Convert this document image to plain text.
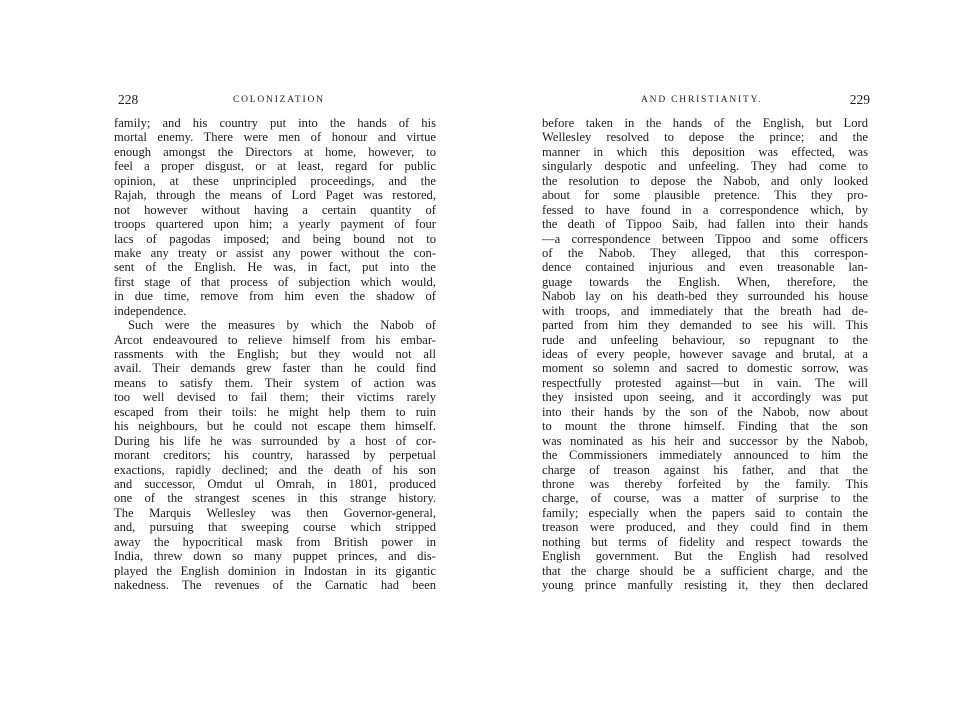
228	COLONIZATION
family; and his country put into the hands of his
mortal enemy. There were men of honour and virtue
enough amongst the Directors at home, however, to
feel a proper disgust, or at least, regard for public
opinion, at these unprincipled proceedings, and the
Rajah, through the means of Lord Paget was restored,
not however without having a certain quantity of
troops quartered upon him; a yearly payment of four
lacs of pagodas imposed; and being bound not to
make any treaty or assist any power without the con-
sent of the English. He was, in fact, put into the
first stage of that process of subjection which would,
in due time, remove from him even the shadow of
independence.
Such were the measures by which the Nabob of
Arcot endeavoured to relieve himself from his embar-
rassments with the English; but they would not all
avail. Their demands grew faster than he could find
means to satisfy them. Their system of action was
too well devised to fail them; their victims rarely
escaped from their toils: he might help them to ruin
his neighbours, but he could not escape them himself.
During his life he was surrounded by a host of cor-
morant creditors; his country, harassed by perpetual
exactions, rapidly declined; and the death of his son
and successor, Omdut ul Omrah, in 1801, produced
one of the strangest scenes in this strange history.
The Marquis Wellesley was then Governor-general,
and, pursuing that sweeping course which stripped
away the hypocritical mask from British power in
India, threw down so many puppet princes, and dis-
played the English dominion in Indostan in its gigantic
nakedness. The revenues of the Carnatic had been
AND CHRISTIANITY.	229
before taken in the hands of the English, but Lord
Wellesley resolved to depose the prince; and the
manner in which this deposition was effected, was
singularly despotic and unfeeling. They had come to
the resolution to depose the Nabob, and only looked
about for some plausible pretence. This they pro-
fessed to have found in a correspondence which, by
the death of Tippoo Saib, had fallen into their hands
—a correspondence between Tippoo and some officers
of the Nabob. They alleged, that this correspon-
dence contained injurious and even treasonable lan-
guage towards the English. When, therefore, the
Nabob lay on his death-bed they surrounded his house
with troops, and immediately that the breath had de-
parted from him they demanded to see his will. This
rude and unfeeling behaviour, so repugnant to the
ideas of every people, however savage and brutal, at a
moment so solemn and sacred to domestic sorrow, was
respectfully protested against—but in vain. The will
they insisted upon seeing, and it accordingly was put
into their hands by the son of the Nabob, now about
to mount the throne himself. Finding that the son
was nominated as his heir and successor by the Nabob,
the Commissioners immediately announced to him the
charge of treason against his father, and that the
throne was thereby forfeited by the family. This
charge, of course, was a matter of surprise to the
family; especially when the papers said to contain the
treason were produced, and they could find in them
nothing but terms of fidelity and respect towards the
English government. But the English had resolved
that the charge should be a sufficient charge, and the
young prince manfully resisting it, they then declared
